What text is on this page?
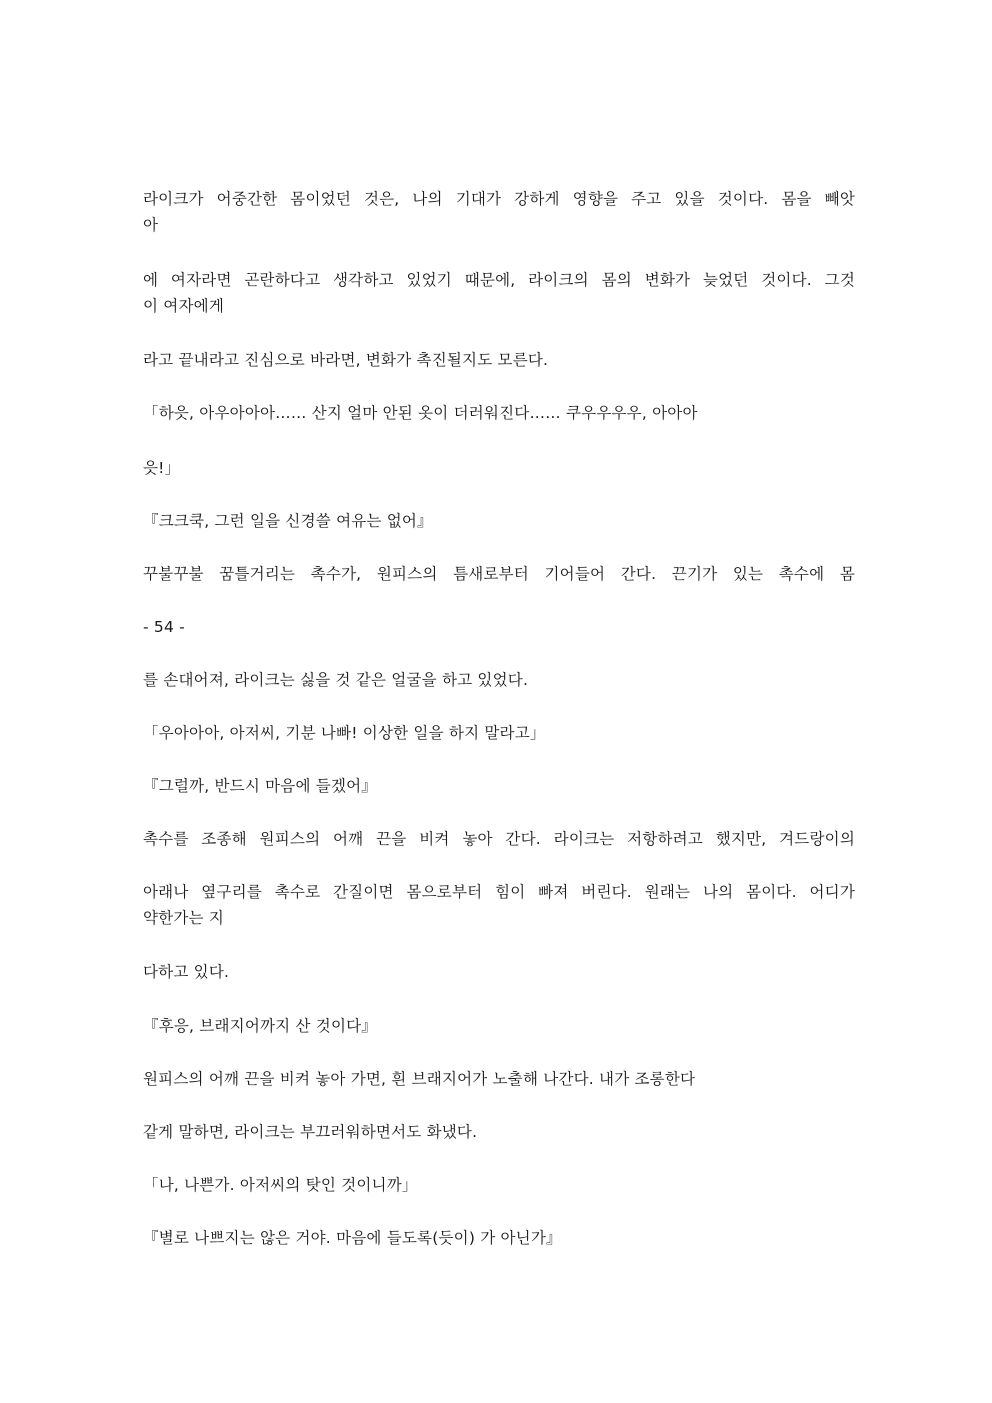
라이크가 어중간한 몸이었던 것은, 나의 기대가 강하게 영향을 주고 있을 것이다. 몸을 빼앗
아
에 여자라면 곤란하다고 생각하고 있었기 때문에, 라이크의 몸의 변화가 늦었던 것이다. 그것
이 여자에게
라고 끝내라고 진심으로 바라면, 변화가 촉진될지도 모른다.
「하읏, 아우아아아…… 산지 얼마 안된 옷이 더러워진다…… 쿠우우우우, 아아아
읏!」
『크크쿡, 그런 일을 신경쓸 여유는 없어』
꾸불꾸불 꿈틀거리는 촉수가, 원피스의 틈새로부터 기어들어 간다. 끈기가 있는 촉수에 몸
- 54 -
를 손대어져, 라이크는 싫을 것 같은 얼굴을 하고 있었다.
「우아아아, 아저씨, 기분 나빠! 이상한 일을 하지 말라고」
『그럴까, 반드시 마음에 들겠어』
촉수를 조종해 원피스의 어깨 끈을 비켜 놓아 간다. 라이크는 저항하려고 했지만, 겨드랑이의
아래나 옆구리를 촉수로 간질이면 몸으로부터 힘이 빠져 버린다. 원래는 나의 몸이다. 어디가
약한가는 지
다하고 있다.
『후응, 브래지어까지 산 것이다』
원피스의 어깨 끈을 비켜 놓아 가면, 흰 브래지어가 노출해 나간다. 내가 조롱한다
같게 말하면, 라이크는 부끄러워하면서도 화냈다.
「나, 나쁜가. 아저씨의 탓인 것이니까」
『별로 나쁘지는 않은 거야. 마음에 들도록(듯이) 가 아닌가』
